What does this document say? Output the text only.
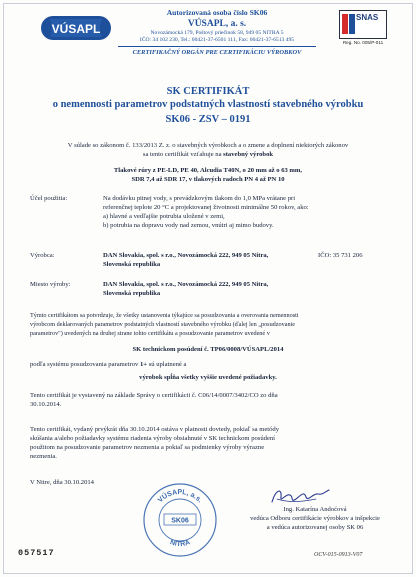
VÚSAPL
Autorizovaná osoba číslo SK06
VÚSAPL, a. s.
Novozámocká 179, Poštový priečinok 58, 949 05 NITRA 5
IČO: 34 102 230, Tel.: 00421-37-6501 111, Fax: 00421-37-6513 495
CERTIFIKAČNÝ ORGÁN PRE CERTIFIKÁCIU VÝROBKOV
SNAS
Reg. No. 005/P-011
SK CERTIFIKÁT
o nemennosti parametrov podstatných vlastností stavebného výrobku
SK06 - ZSV – 0191
V súlade so zákonom č. 133/2013 Z. z. o stavebných výrobkoch a o zmene a doplnení niektorých zákonov
sa tento certifikát vzťahuje na stavebný výrobok
Tlakové rúry z PE-LD, PE 40, Alcudia T40N, o 20 mm až o 63 mm,
SDR 7,4 až SDR 17, v tlakových radoch PN 4 až PN 10
Účel použitia:	Na dodávku pitnej vody, s prevádzkovým tlakom do 1,0 MPa vrátane pri
referenčnej teplote 20 °C a projektovanej životnosti minimálne 50 rokov, ako:
a) hlavné a vedľajšie potrubia uložené v zemi,
b) potrubia na dopravu vody nad zemou, vnútri aj mimo budovy.
Výrobca:	DAN Slovakia, spol. s r.o., Novozámocká 222, 949 05 Nitra,
Slovenská republika
IČO: 35 731 206
Miesto výroby:	DAN Slovakia, spol. s r.o., Novozámocká 222, 949 05 Nitra,
Slovenská republika
Týmto certifikátom sa potvrdzuje, že všetky ustanovenia týkajúce sa posudzovania a overovania nemennosti
výrobcom deklarovaných parametrov podstatných vlastností stavebného výrobku (ďalej len „posudzovanie
parametrov") uvedených na druhej strane tohto certifikátu a posudzovanie parametrov uvedené v
SK technickom posúdení č. TP06/0008/VÚSAPL/2014
podľa systému posudzovania parametrov 1+ sú uplatnené a
výrobok spĺňa všetky vyššie uvedené požiadavky.
Tento certifikát je vystavený na základe Správy o certifikácii č. C06/14/0007/3402/CO zo dňa
30.10.2014.
Tento certifikát, vydaný prvýkrát dňa 30.10.2014 ostáva v platnosti dovtedy, pokiaľ sa metódy
skúšania a/alebo požiadavky systému riadenia výroby obsiahnuté v SK technickom posúdení
použitom na posudzovanie parametrov nezmenia a pokiaľ sa podmienky výroby výrazne
nezmenia.
V Nitre, dňa 30.10.2014
VÚSAPL, a.s.
SK06
NITRA
Ing. Katarína Andoćová
vedúca Odboru certifikácie výrobkov a inšpekcie
a vedúca autorizovanej osoby SK 06
057517	OCV-015-0913-V07
